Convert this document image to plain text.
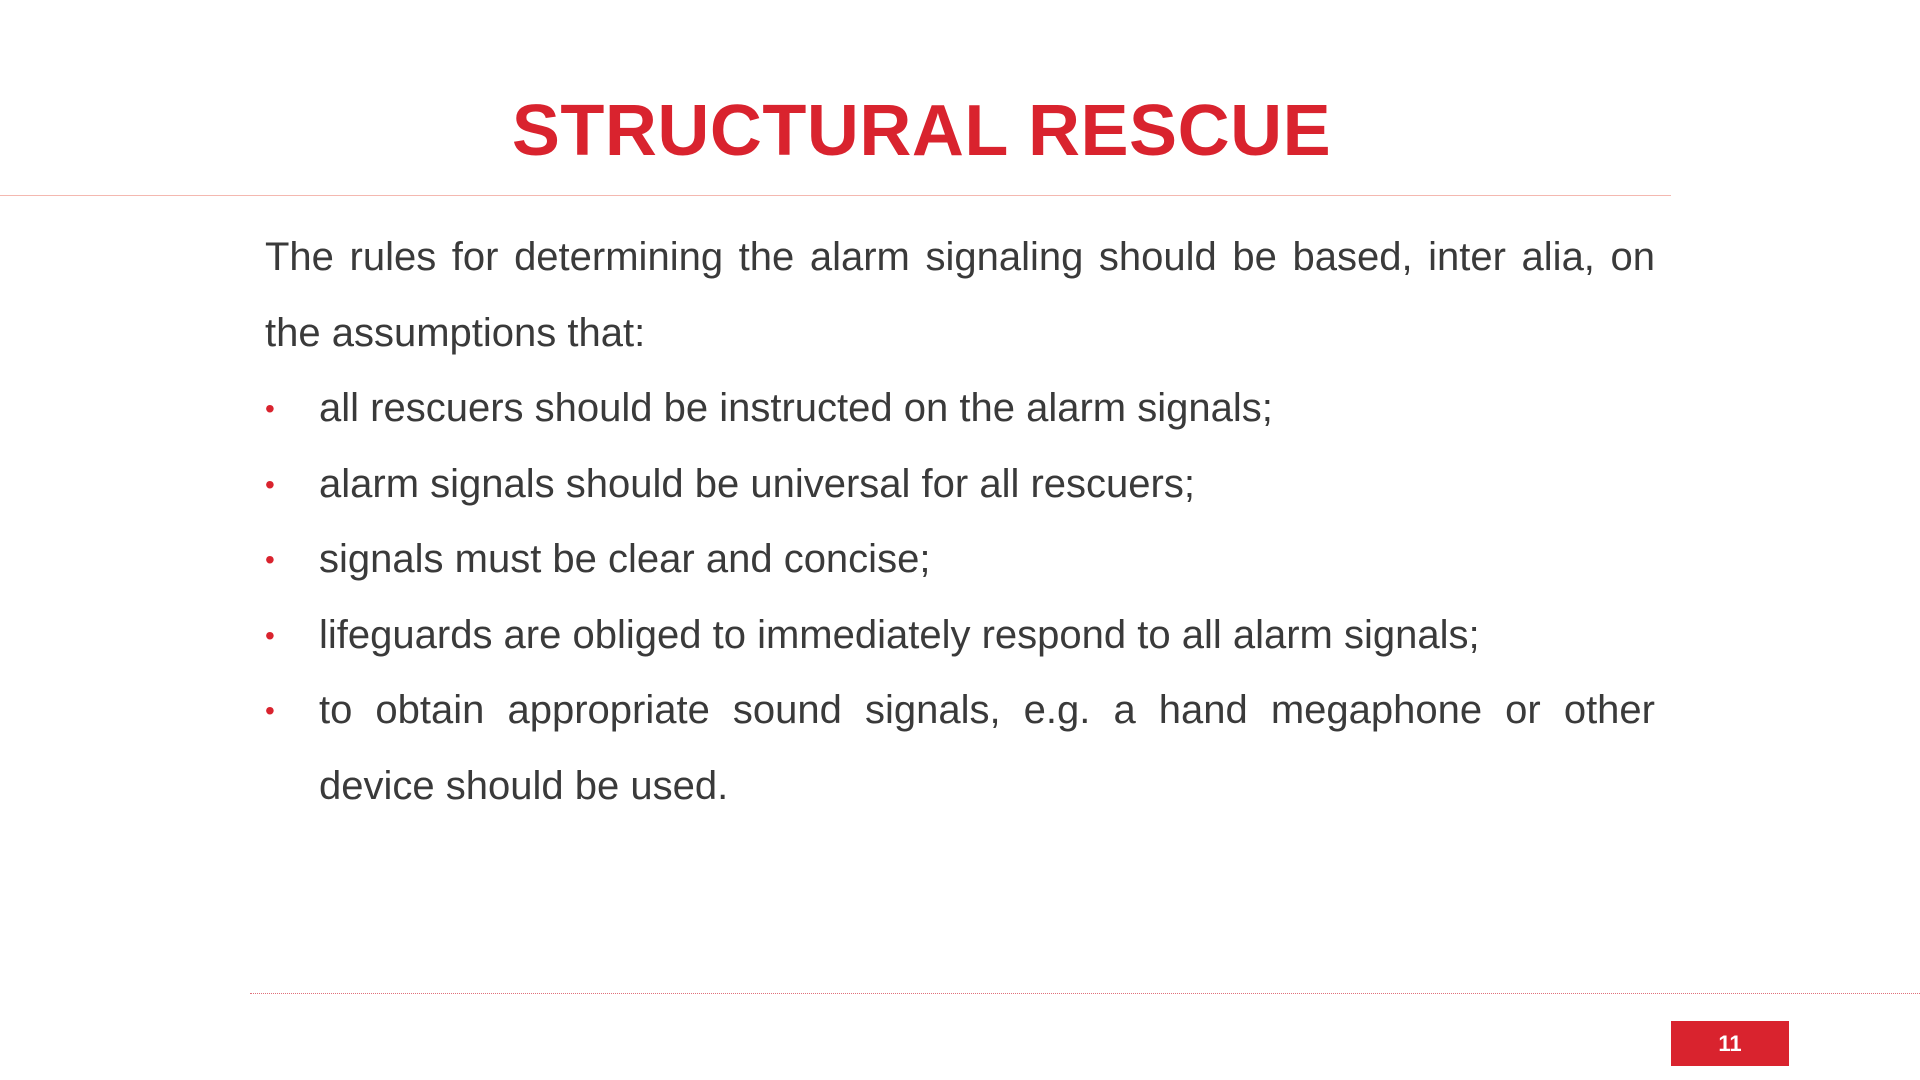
STRUCTURAL RESCUE

The rules for determining the alarm signaling should be based, inter alia, on the assumptions that:

• all rescuers should be instructed on the alarm signals;
• alarm signals should be universal for all rescuers;
• signals must be clear and concise;
• lifeguards are obliged to immediately respond to all alarm signals;
• to obtain appropriate sound signals, e.g. a hand megaphone or other device should be used.
11
